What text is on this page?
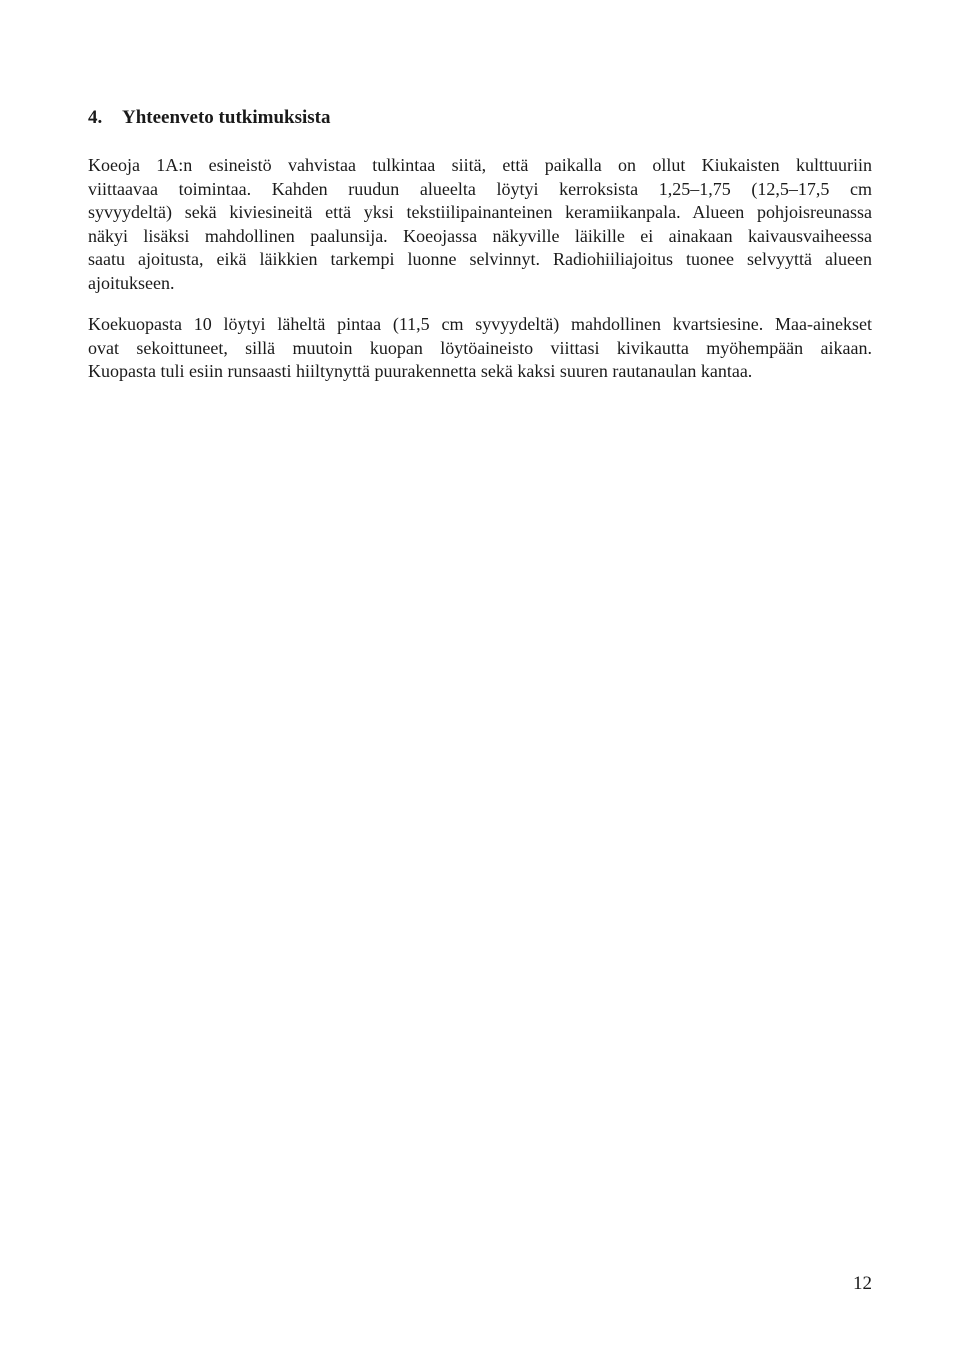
4. Yhteenveto tutkimuksista

Koeoja 1A:n esineistö vahvistaa tulkintaa siitä, että paikalla on ollut Kiukaisten kulttuuriin
viittaavaa toimintaa. Kahden ruudun alueelta löytyi kerroksista 1,25–1,75 (12,5–17,5 cm
syvyydeltä) sekä kiviesineitä että yksi tekstiilipainanteinen keramiikanpala. Alueen pohjoisreunassa
näkyi lisäksi mahdollinen paalunsija. Koeojassa näkyville läikille ei ainakaan kaivausvaiheessa
saatu ajoitusta, eikä läikkien tarkempi luonne selvinnyt. Radiohiiliajoitus tuonee selvyyttä alueen
ajoitukseen.

Koekuopasta 10 löytyi läheltä pintaa (11,5 cm syvyydeltä) mahdollinen kvartsiesine. Maa-ainekset
ovat sekoittuneet, sillä muutoin kuopan löytöaineisto viittasi kivikautta myöhempään aikaan.
Kuopasta tuli esiin runsaasti hiiltynyttä puurakennetta sekä kaksi suuren rautanaulan kantaa.

12
